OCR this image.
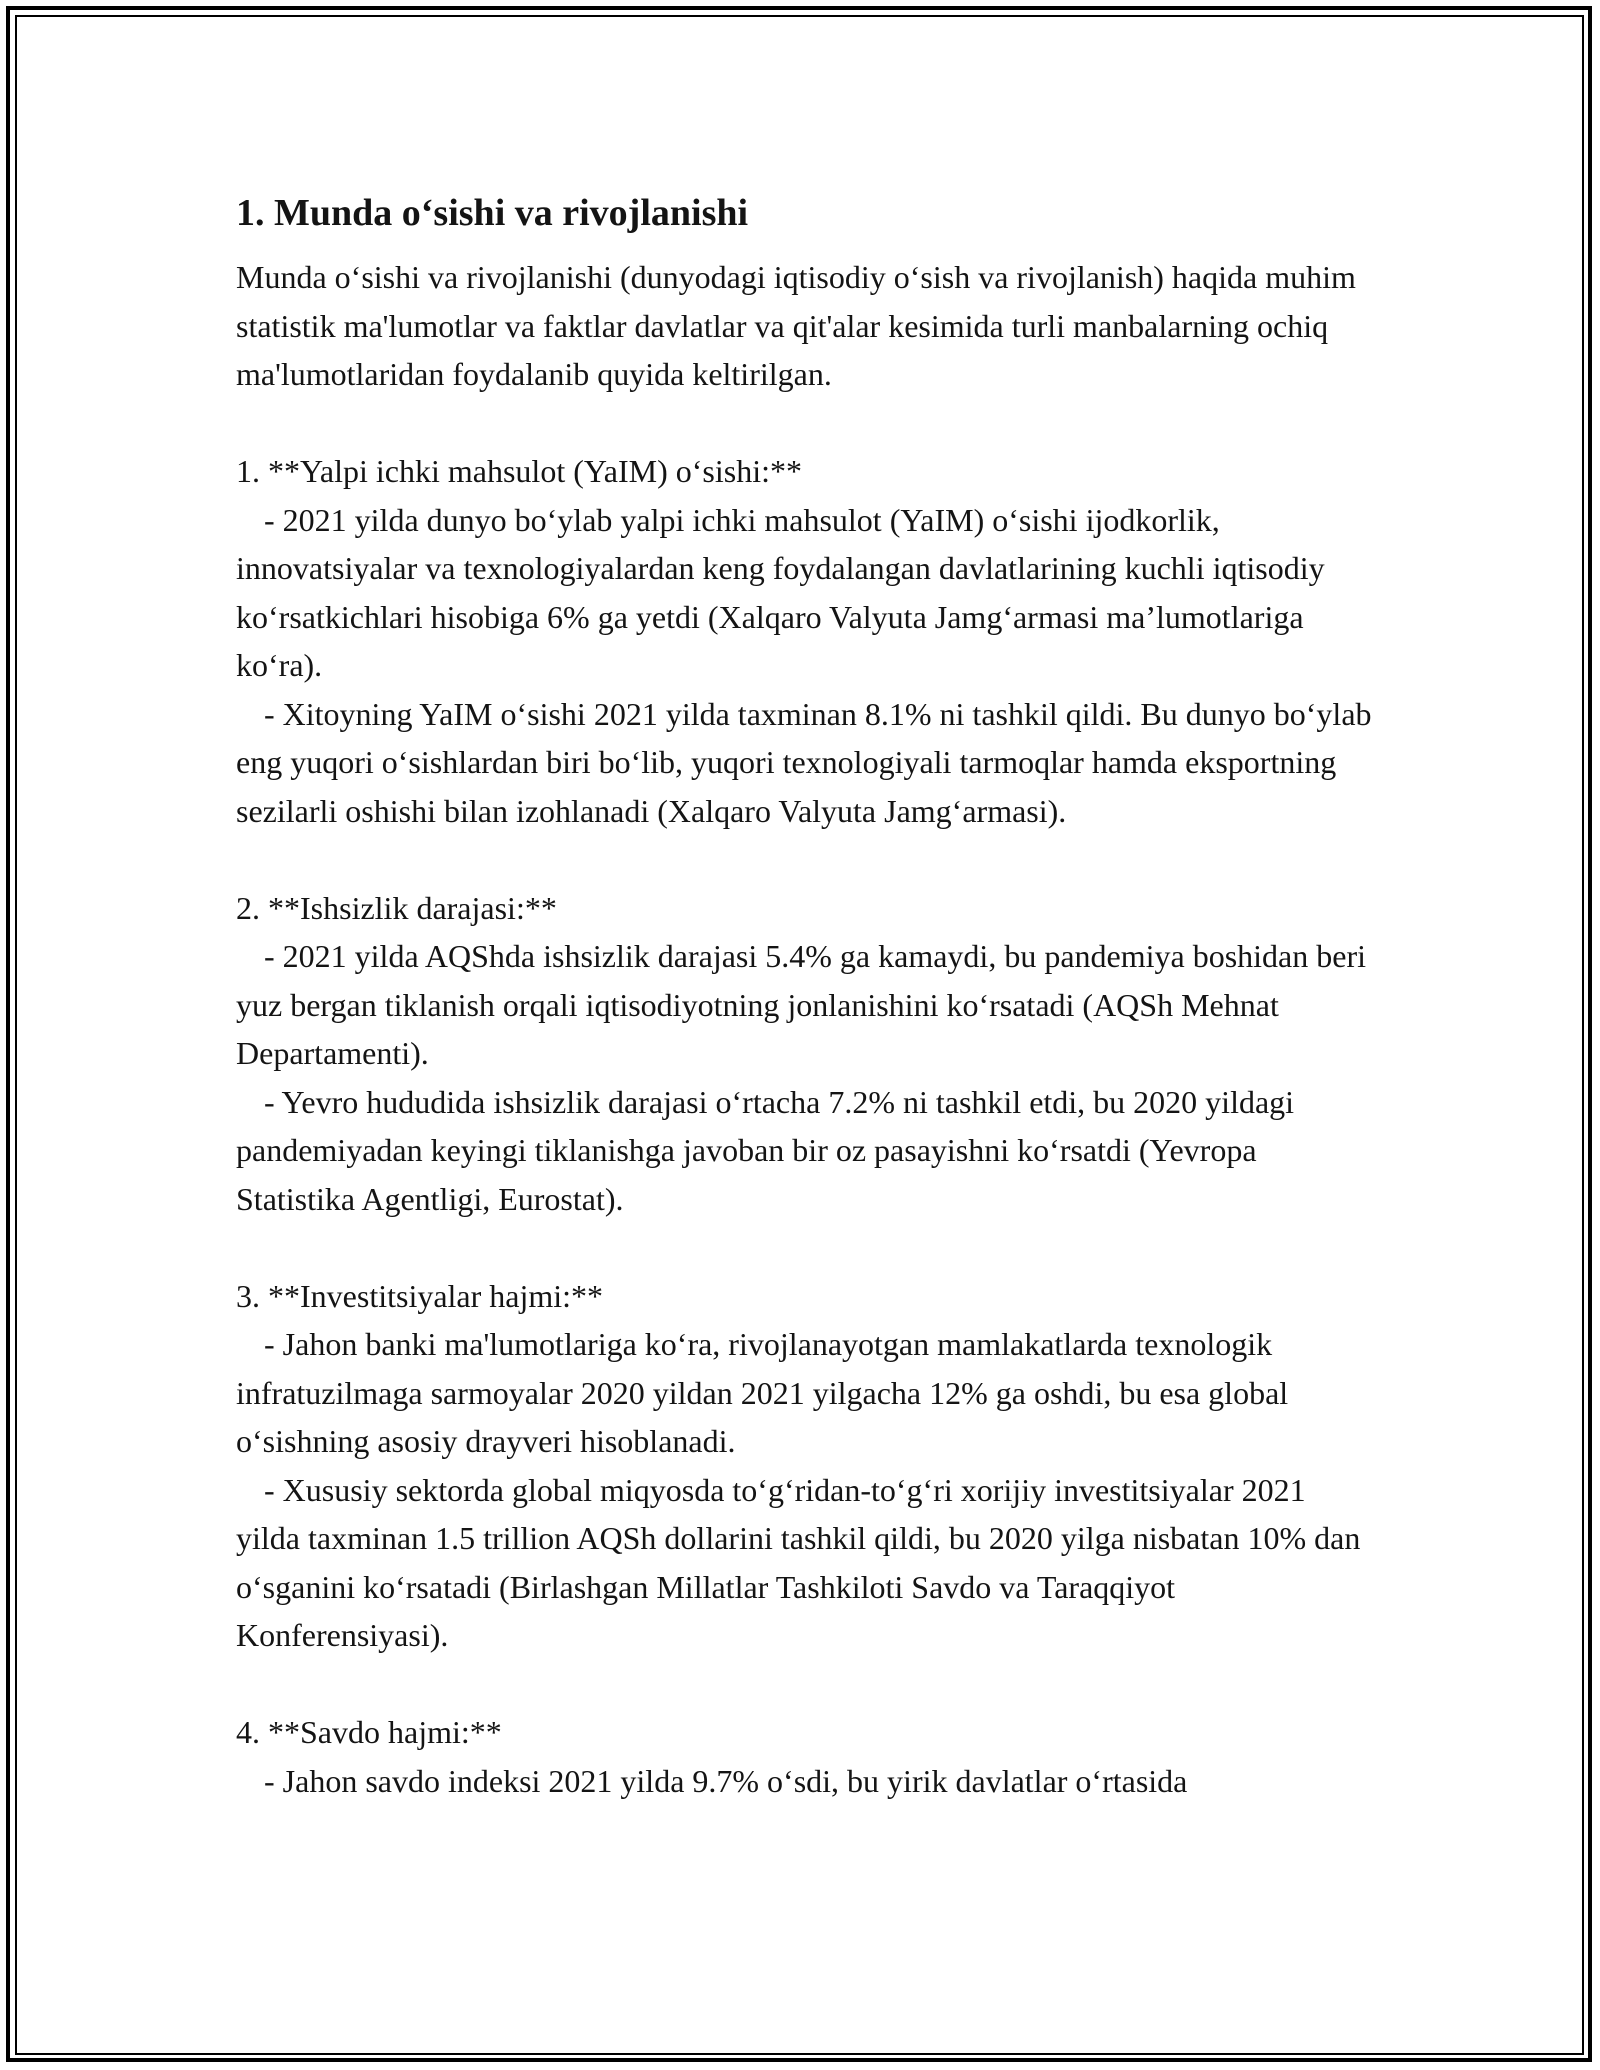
1. Munda o‘sishi va rivojlanishi
Munda o‘sishi va rivojlanishi (dunyodagi iqtisodiy o‘sish va rivojlanish) haqida muhim statistik ma'lumotlar va faktlar davlatlar va qit'alar kesimida turli manbalarning ochiq ma'lumotlaridan foydalanib quyida keltirilgan.
1. **Yalpi ichki mahsulot (YaIM) o‘sishi:**
- 2021 yilda dunyo bo‘ylab yalpi ichki mahsulot (YaIM) o‘sishi ijodkorlik, innovatsiyalar va texnologiyalardan keng foydalangan davlatlarining kuchli iqtisodiy ko‘rsatkichlari hisobiga 6% ga yetdi (Xalqaro Valyuta Jamg‘armasi ma’lumotlariga ko‘ra).
- Xitoyning YaIM o‘sishi 2021 yilda taxminan 8.1% ni tashkil qildi. Bu dunyo bo‘ylab eng yuqori o‘sishlardan biri bo‘lib, yuqori texnologiyali tarmoqlar hamda eksportning sezilarli oshishi bilan izohlanadi (Xalqaro Valyuta Jamg‘armasi).
2. **Ishsizlik darajasi:**
- 2021 yilda AQShda ishsizlik darajasi 5.4% ga kamaydi, bu pandemiya boshidan beri yuz bergan tiklanish orqali iqtisodiyotning jonlanishini ko‘rsatadi (AQSh Mehnat Departamenti).
- Yevro hududida ishsizlik darajasi o‘rtacha 7.2% ni tashkil etdi, bu 2020 yildagi pandemiyadan keyingi tiklanishga javoban bir oz pasayishni ko‘rsatdi (Yevropa Statistika Agentligi, Eurostat).
3. **Investitsiyalar hajmi:**
- Jahon banki ma'lumotlariga ko‘ra, rivojlanayotgan mamlakatlarda texnologik infratuzilmaga sarmoyalar 2020 yildan 2021 yilgacha 12% ga oshdi, bu esa global o‘sishning asosiy drayveri hisoblanadi.
- Xususiy sektorda global miqyosda to‘g‘ridan-to‘g‘ri xorijiy investitsiyalar 2021 yilda taxminan 1.5 trillion AQSh dollarini tashkil qildi, bu 2020 yilga nisbatan 10% dan o‘sganini ko‘rsatadi (Birlashgan Millatlar Tashkiloti Savdo va Taraqqiyot Konferensiyasi).
4. **Savdo hajmi:**
- Jahon savdo indeksi 2021 yilda 9.7% o‘sdi, bu yirik davlatlar o‘rtasida
